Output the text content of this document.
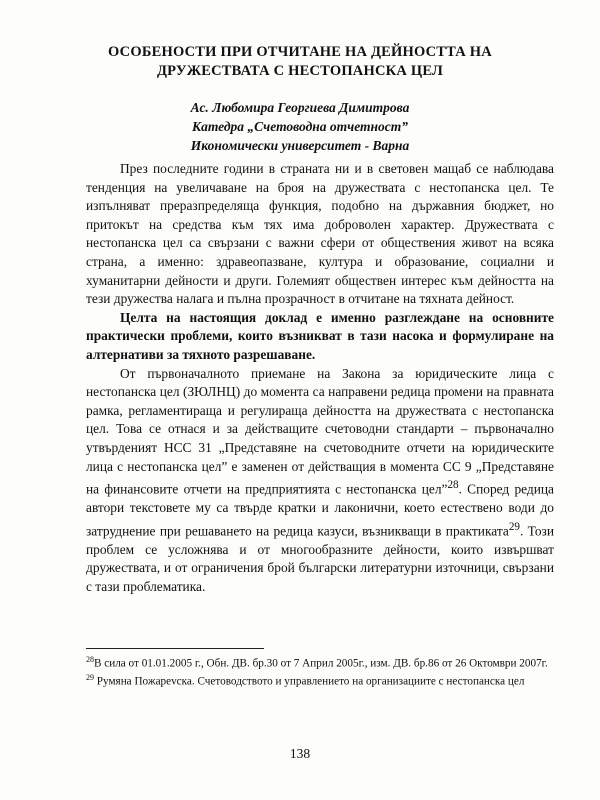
ОСОБЕНОСТИ ПРИ ОТЧИТАНЕ НА ДЕЙНОСТТА НА
ДРУЖЕСТВАТА С НЕСТОПАНСКА ЦЕЛ
Ас. Любомира Георгиева Димитрова
Катедра „Счетоводна отчетност”
Икономически университет - Варна

През последните години в страната ни и в световен мащаб се наблюдава тенденция на увеличаване на броя на дружествата с нестопанска цел. Те изпълняват преразпределяща функция, подобно на държавния бюджет, но притокът на средства към тях има доброволен характер. Дружествата с нестопанска цел са свързани с важни сфери от обществения живот на всяка страна, а именно: здравеопазване, култура и образование, социални и хуманитарни дейности и други. Големият обществен интерес към дейността на тези дружества налага и пълна прозрачност в отчитане на тяхната дейност.

Целта на настоящия доклад е именно разглеждане на основните практически проблеми, които възникват в тази насока и формулиране на алтернативи за тяхното разрешаване.

От първоначалното приемане на Закона за юридическите лица с нестопанска цел (ЗЮЛНЦ) до момента са направени редица промени на правната рамка, регламентираща и регулираща дейността на дружествата с нестопанска цел. Това се отнася и за действащите счетоводни стандарти – първоначално утвърденият НСС 31 „Представяне на счетоводните отчети на юридическите лица с нестопанска цел” е заменен от действащия в момента СС 9 „Представяне на финансовите отчети на предприятията с нестопанска цел”$^{28}$. Според редица автори текстовете му са твърде кратки и лаконични, което естествено води до затруднение при решаването на редица казуси, възникващи в практиката$^{29}$. Този проблем се усложнява и от многообразните дейности, които извършват дружествата, и от ограничения брой български литературни източници, свързани с тази проблематика.

$^{28}$В сила от 01.01.2005 г., Обн. ДВ. бр.30 от 7 Април 2005г., изм. ДВ. бр.86 от 26 Октомври 2007г.

$^{29}$ Румяна Пожарevска. Счетоводството и управлението на организациите с нестопанска цел

138
